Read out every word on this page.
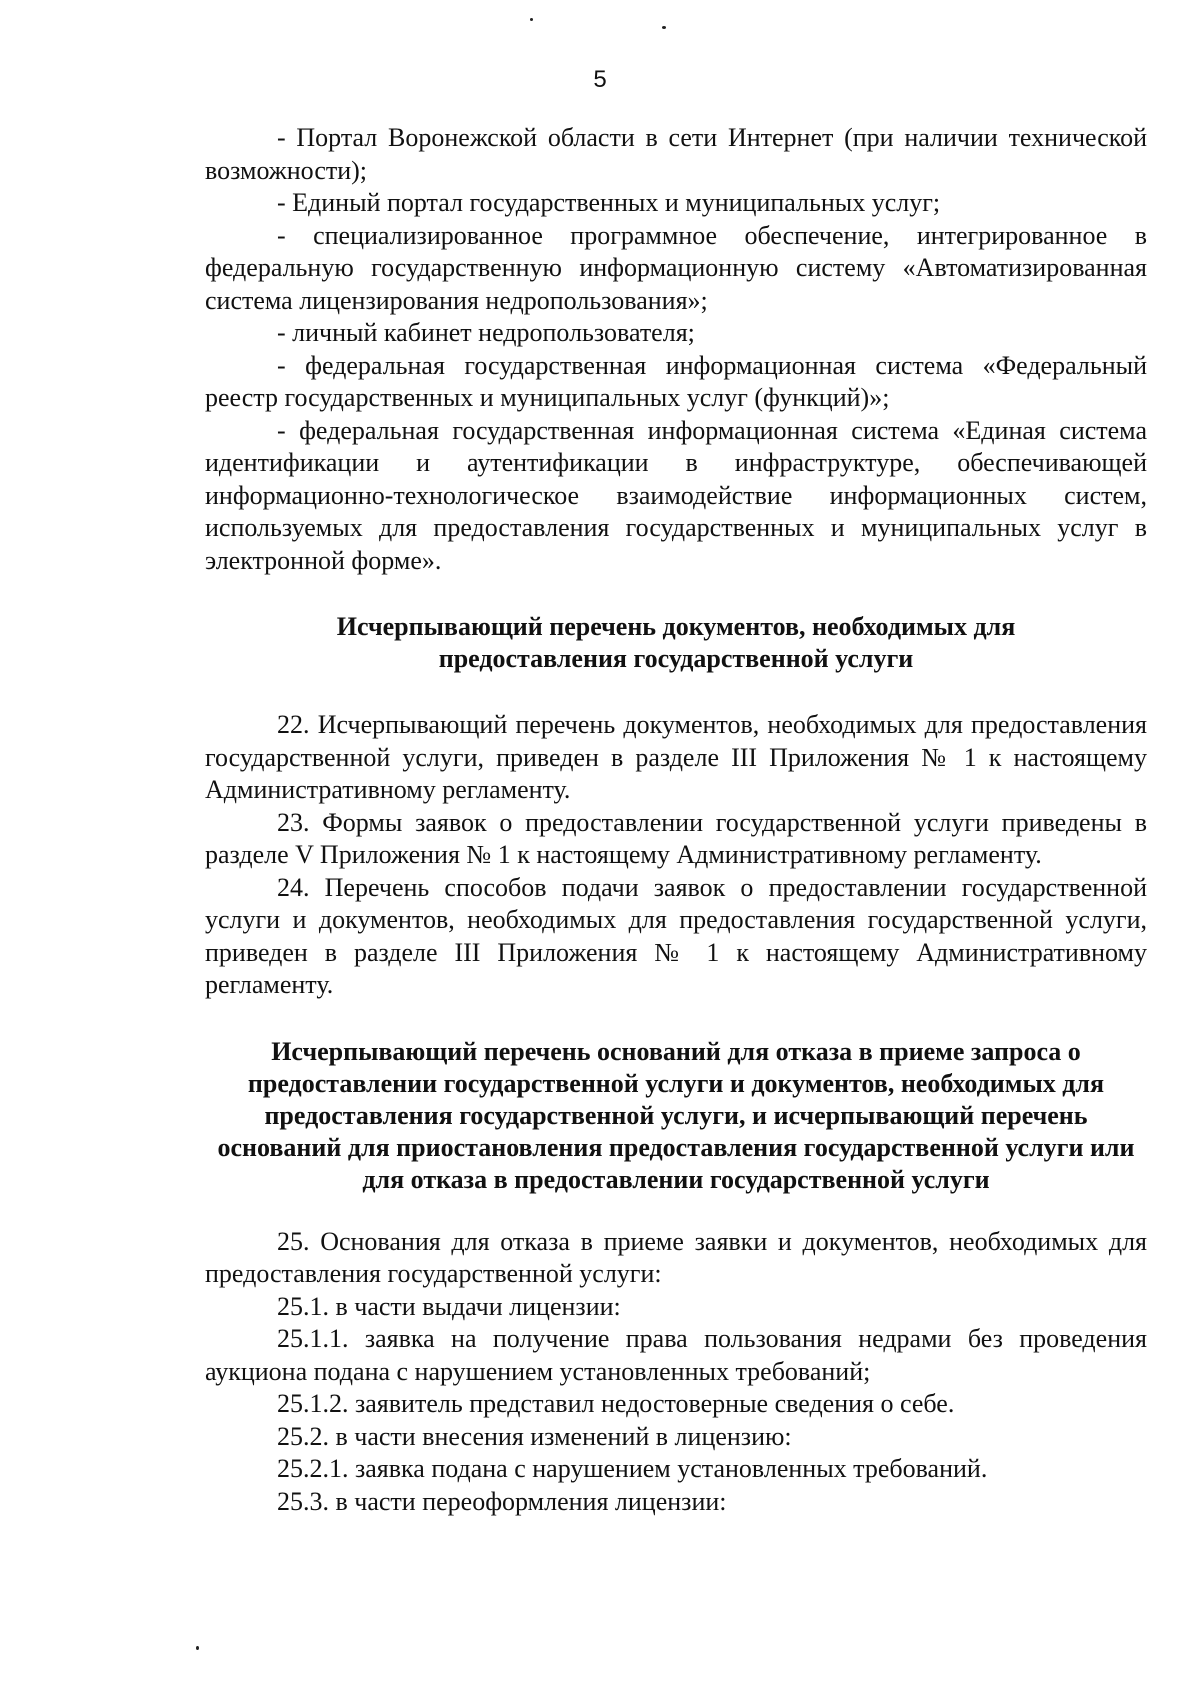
5

- Портал Воронежской области в сети Интернет (при наличии технической возможности);

- Единый портал государственных и муниципальных услуг;

- специализированное программное обеспечение, интегрированное в федеральную государственную информационную систему «Автоматизированная система лицензирования недропользования»;

- личный кабинет недропользователя;

- федеральная государственная информационная система «Федеральный реестр государственных и муниципальных услуг (функций)»;

- федеральная государственная информационная система «Единая система идентификации и аутентификации в инфраструктуре, обеспечивающей информационно-технологическое взаимодействие информационных систем, используемых для предоставления государственных и муниципальных услуг в электронной форме».

Исчерпывающий перечень документов, необходимых для предоставления государственной услуги

22. Исчерпывающий перечень документов, необходимых для предоставления государственной услуги, приведен в разделе III Приложения № 1 к настоящему Административному регламенту.

23. Формы заявок о предоставлении государственной услуги приведены в разделе V Приложения № 1 к настоящему Административному регламенту.

24. Перечень способов подачи заявок о предоставлении государственной услуги и документов, необходимых для предоставления государственной услуги, приведен в разделе III Приложения № 1 к настоящему Административному регламенту.

Исчерпывающий перечень оснований для отказа в приеме запроса о предоставлении государственной услуги и документов, необходимых для предоставления государственной услуги, и исчерпывающий перечень оснований для приостановления предоставления государственной услуги или для отказа в предоставлении государственной услуги

25. Основания для отказа в приеме заявки и документов, необходимых для предоставления государственной услуги:

25.1. в части выдачи лицензии:

25.1.1. заявка на получение права пользования недрами без проведения аукциона подана с нарушением установленных требований;

25.1.2. заявитель представил недостоверные сведения о себе.

25.2. в части внесения изменений в лицензию:

25.2.1. заявка подана с нарушением установленных требований.

25.3. в части переоформления лицензии:
